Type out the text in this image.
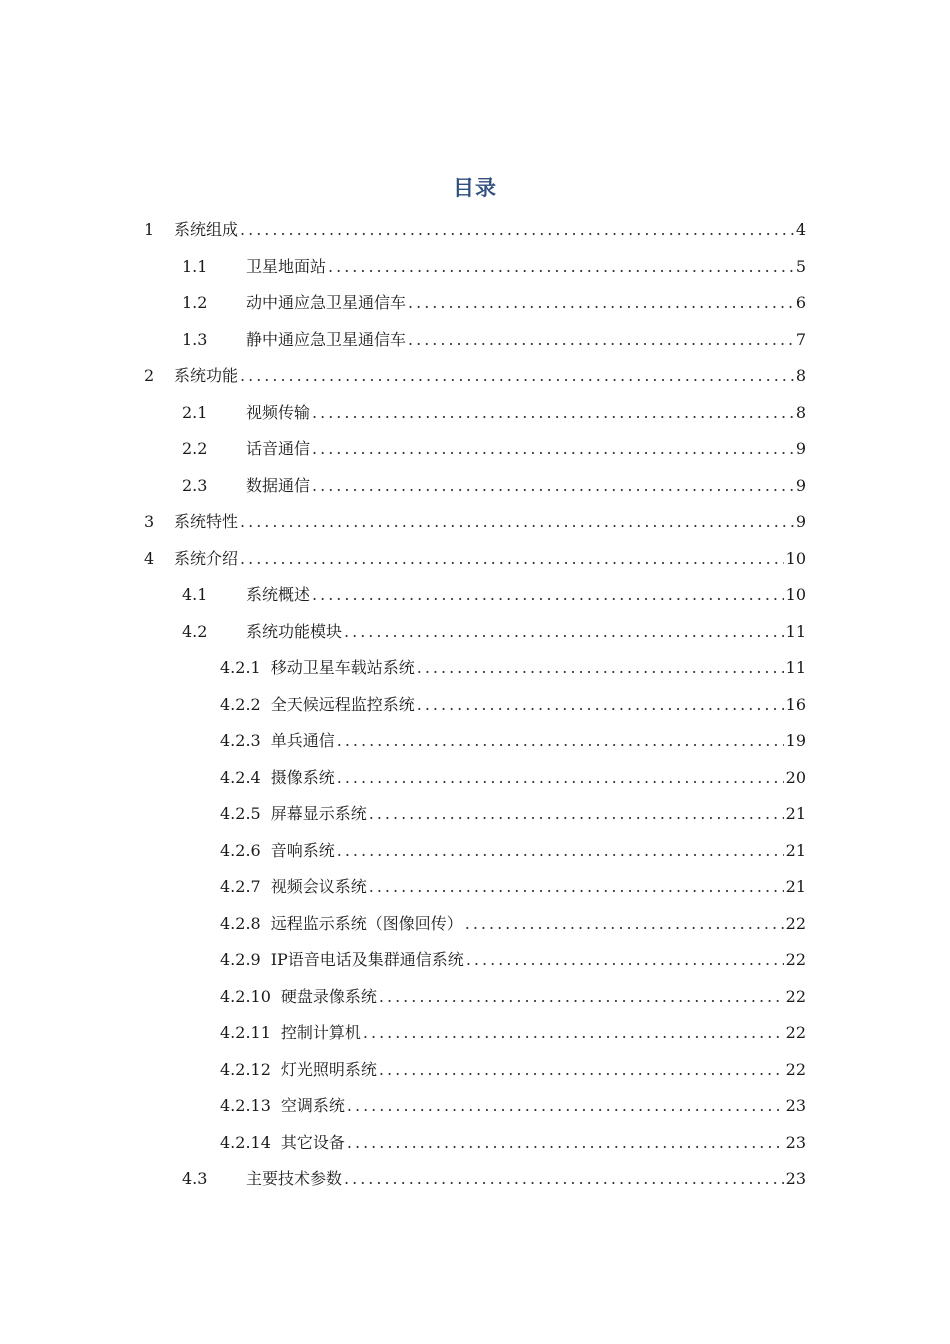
目录
1	系统组成 .....	4
1.1	卫星地面站 .....	5
1.2	动中通应急卫星通信车 .....	6
1.3	静中通应急卫星通信车 .....	7
2	系统功能 .....	8
2.1	视频传输 .....	8
2.2	话音通信 .....	9
2.3	数据通信 .....	9
3	系统特性 .....	9
4	系统介绍 .....	10
4.1	系统概述 .....	10
4.2	系统功能模块 .....	11
4.2.1 移动卫星车载站系统 .....	11
4.2.2 全天候远程监控系统 .....	16
4.2.3 单兵通信 .....	19
4.2.4 摄像系统 .....	20
4.2.5 屏幕显示系统 .....	21
4.2.6 音响系统 .....	21
4.2.7 视频会议系统 .....	21
4.2.8 远程监示系统（图像回传） .....	22
4.2.9 IP语音电话及集群通信系统 .....	22
4.2.10 硬盘录像系统 .....	22
4.2.11 控制计算机 .....	22
4.2.12 灯光照明系统 .....	22
4.2.13 空调系统 .....	23
4.2.14 其它设备 .....	23
4.3	主要技术参数 .....	23
